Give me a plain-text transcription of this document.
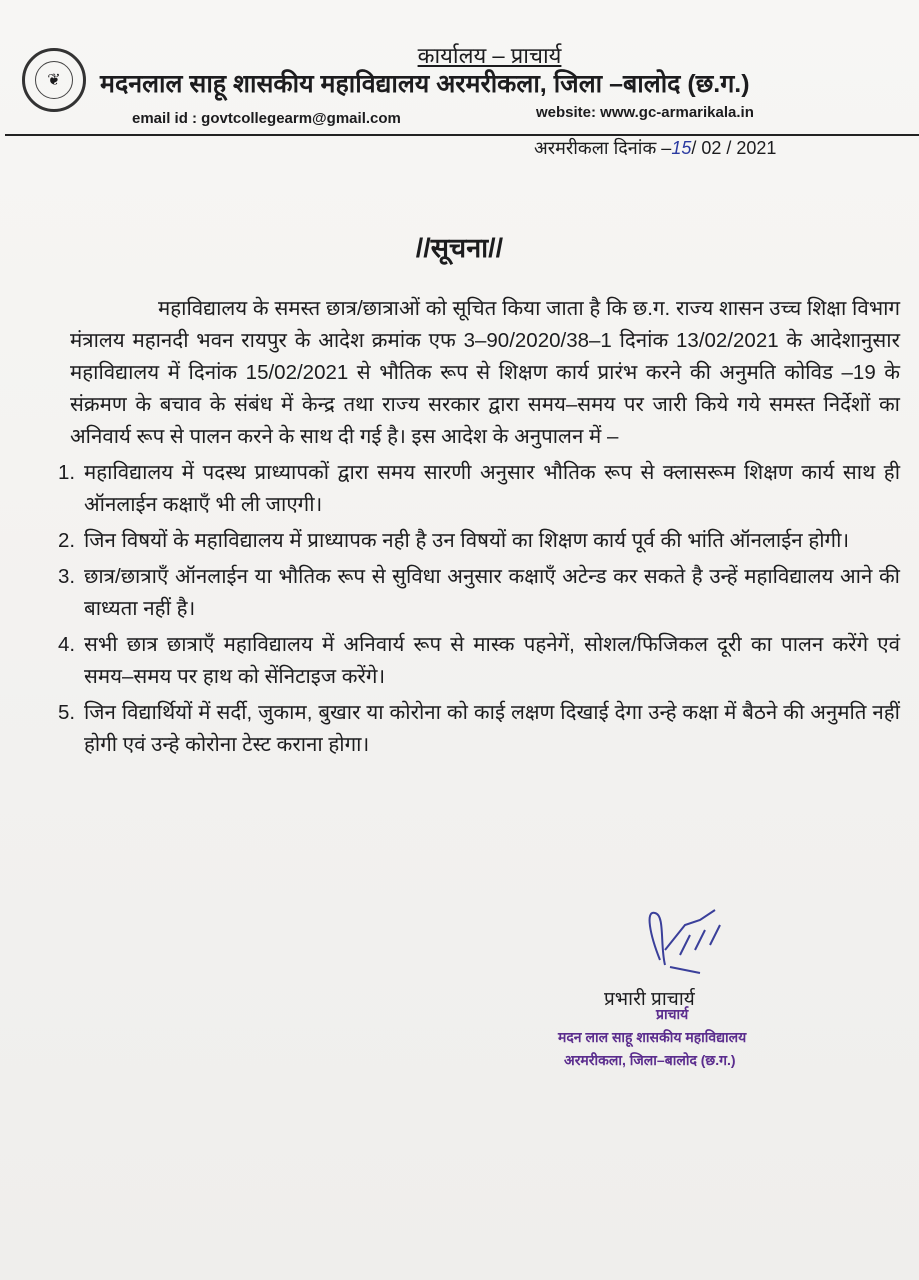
❦
कार्यालय – प्राचार्य
मदनलाल साहू शासकीय महाविद्यालय अरमरीकला, जिला –बालोद (छ.ग.)
email id : govtcollegearm@gmail.com	website: www.gc-armarikala.in
अरमरीकला दिनांक –15/ 02 / 2021
//सूचना//

महाविद्यालय के समस्त छात्र/छात्राओं को सूचित किया जाता है कि छ.ग. राज्य शासन उच्च शिक्षा विभाग मंत्रालय महानदी भवन रायपुर के आदेश क्रमांक एफ 3–90/2020/38–1 दिनांक 13/02/2021 के आदेशानुसार महाविद्यालय में दिनांक 15/02/2021 से भौतिक रूप से शिक्षण कार्य प्रारंभ करने की अनुमति कोविड –19 के संक्रमण के बचाव के संबंध में केन्द्र तथा राज्य सरकार द्वारा समय–समय पर जारी किये गये समस्त निर्देशों का अनिवार्य रूप से पालन करने के साथ दी गई है। इस आदेश के अनुपालन में –

1. महाविद्यालय में पदस्थ प्राध्यापकों द्वारा समय सारणी अनुसार भौतिक रूप से क्लासरूम शिक्षण कार्य साथ ही ऑनलाईन कक्षाएँ भी ली जाएगी।
2. जिन विषयों के महाविद्यालय में प्राध्यापक नही है उन विषयों का शिक्षण कार्य पूर्व की भांति ऑनलाईन होगी।
3. छात्र/छात्राएँ ऑनलाईन या भौतिक रूप से सुविधा अनुसार कक्षाएँ अटेन्ड कर सकते है उन्हें महाविद्यालय आने की बाध्यता नहीं है।
4. सभी छात्र छात्राएँ महाविद्यालय में अनिवार्य रूप से मास्क पहनेगें, सोशल/फिजिकल दूरी का पालन करेंगे एवं समय–समय पर हाथ को सेंनिटाइज करेंगे।
5. जिन विद्यार्थियों में सर्दी, जुकाम, बुखार या कोरोना को काई लक्षण दिखाई देगा उन्हे कक्षा में बैठने की अनुमति नहीं होगी एवं उन्हे कोरोना टेस्ट कराना होगा।
प्रभारी प्राचार्य
प्राचार्य
मदन लाल साहू शासकीय महाविद्यालय
अरमरीकला, जिला–बालोद (छ.ग.)
